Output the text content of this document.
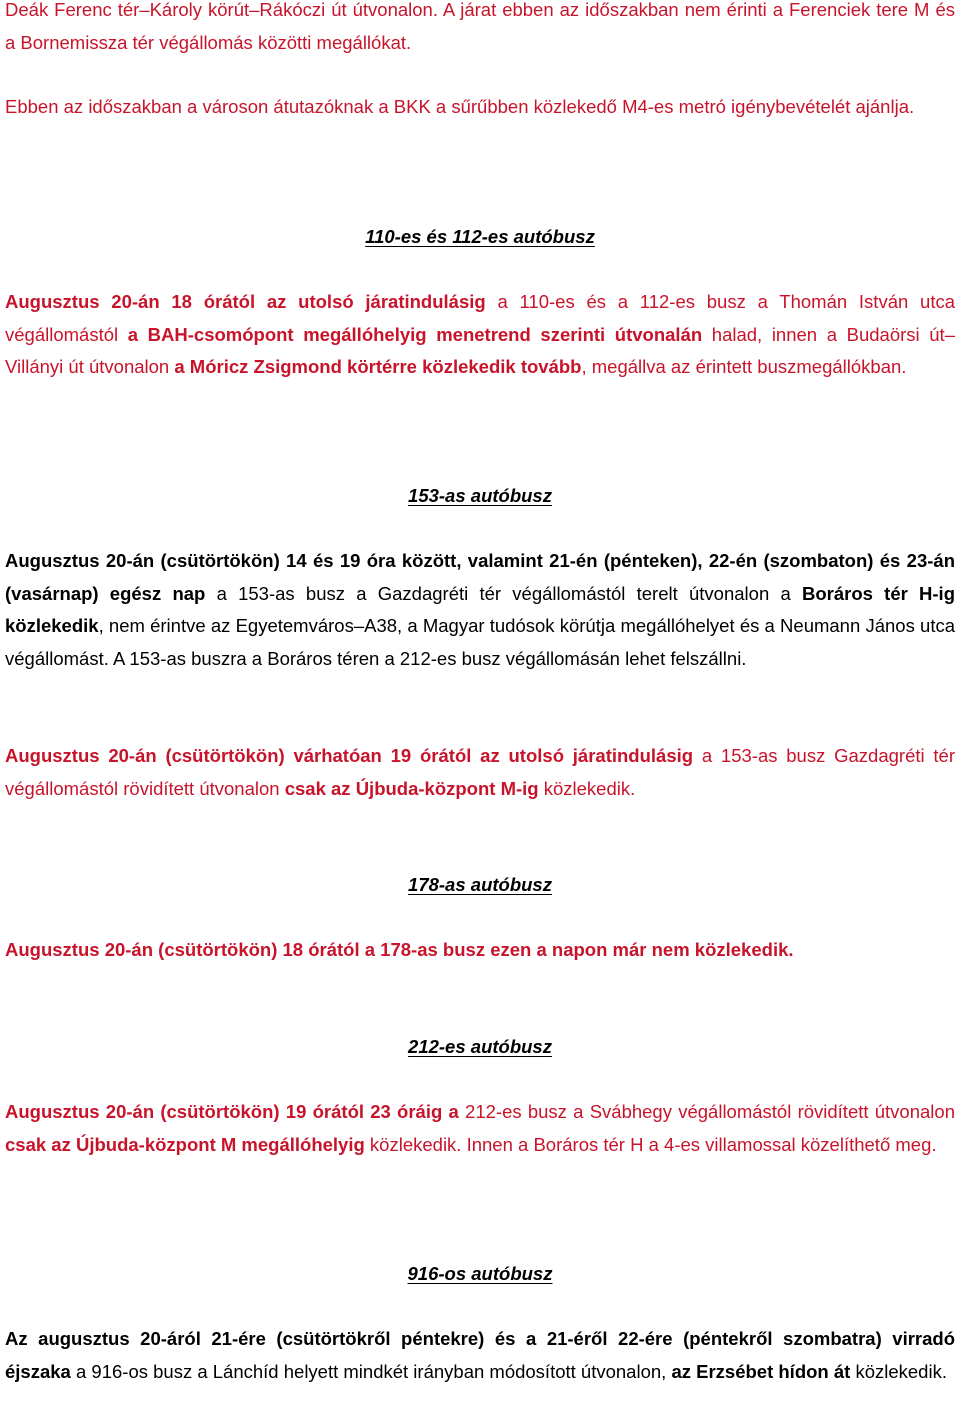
Deák Ferenc tér–Károly körút–Rákóczi út útvonalon. A járat ebben az időszakban nem érinti a Ferenciek tere M és a Bornemissza tér végállomás közötti megállókat.

Ebben az időszakban a városon átutazóknak a BKK a sűrűbben közlekedő M4-es metró igénybevételét ajánlja.

110-es és 112-es autóbusz

Augusztus 20-án 18 órától az utolsó járatindulásig a 110-es és a 112-es busz a Thomán István utca végállomástól a BAH-csomópont megállóhelyig menetrend szerinti útvonalán halad, innen a Budaörsi út–Villányi út útvonalon a Móricz Zsigmond körtérre közlekedik tovább, megállva az érintett buszmegállókban.

153-as autóbusz

Augusztus 20-án (csütörtökön) 14 és 19 óra között, valamint 21-én (pénteken), 22-én (szombaton) és 23-án (vasárnap) egész nap a 153-as busz a Gazdagréti tér végállomástól terelt útvonalon a Boráros tér H-ig közlekedik, nem érintve az Egyetemváros–A38, a Magyar tudósok körútja megállóhelyet és a Neumann János utca végállomást. A 153-as buszra a Boráros téren a 212-es busz végállomásán lehet felszállni.

Augusztus 20-án (csütörtökön) várhatóan 19 órától az utolsó járatindulásig a 153-as busz Gazdagréti tér végállomástól rövidített útvonalon csak az Újbuda-központ M-ig közlekedik.

178-as autóbusz

Augusztus 20-án (csütörtökön) 18 órától a 178-as busz ezen a napon már nem közlekedik.

212-es autóbusz

Augusztus 20-án (csütörtökön) 19 órától 23 óráig a 212-es busz a Svábhegy végállomástól rövidített útvonalon csak az Újbuda-központ M megállóhelyig közlekedik. Innen a Boráros tér H a 4-es villamossal közelíthető meg.

916-os autóbusz

Az augusztus 20-áról 21-ére (csütörtökről péntekre) és a 21-éről 22-ére (péntekről szombatra) virradó éjszaka a 916-os busz a Lánchíd helyett mindkét irányban módosított útvonalon, az Erzsébet hídon át közlekedik.
